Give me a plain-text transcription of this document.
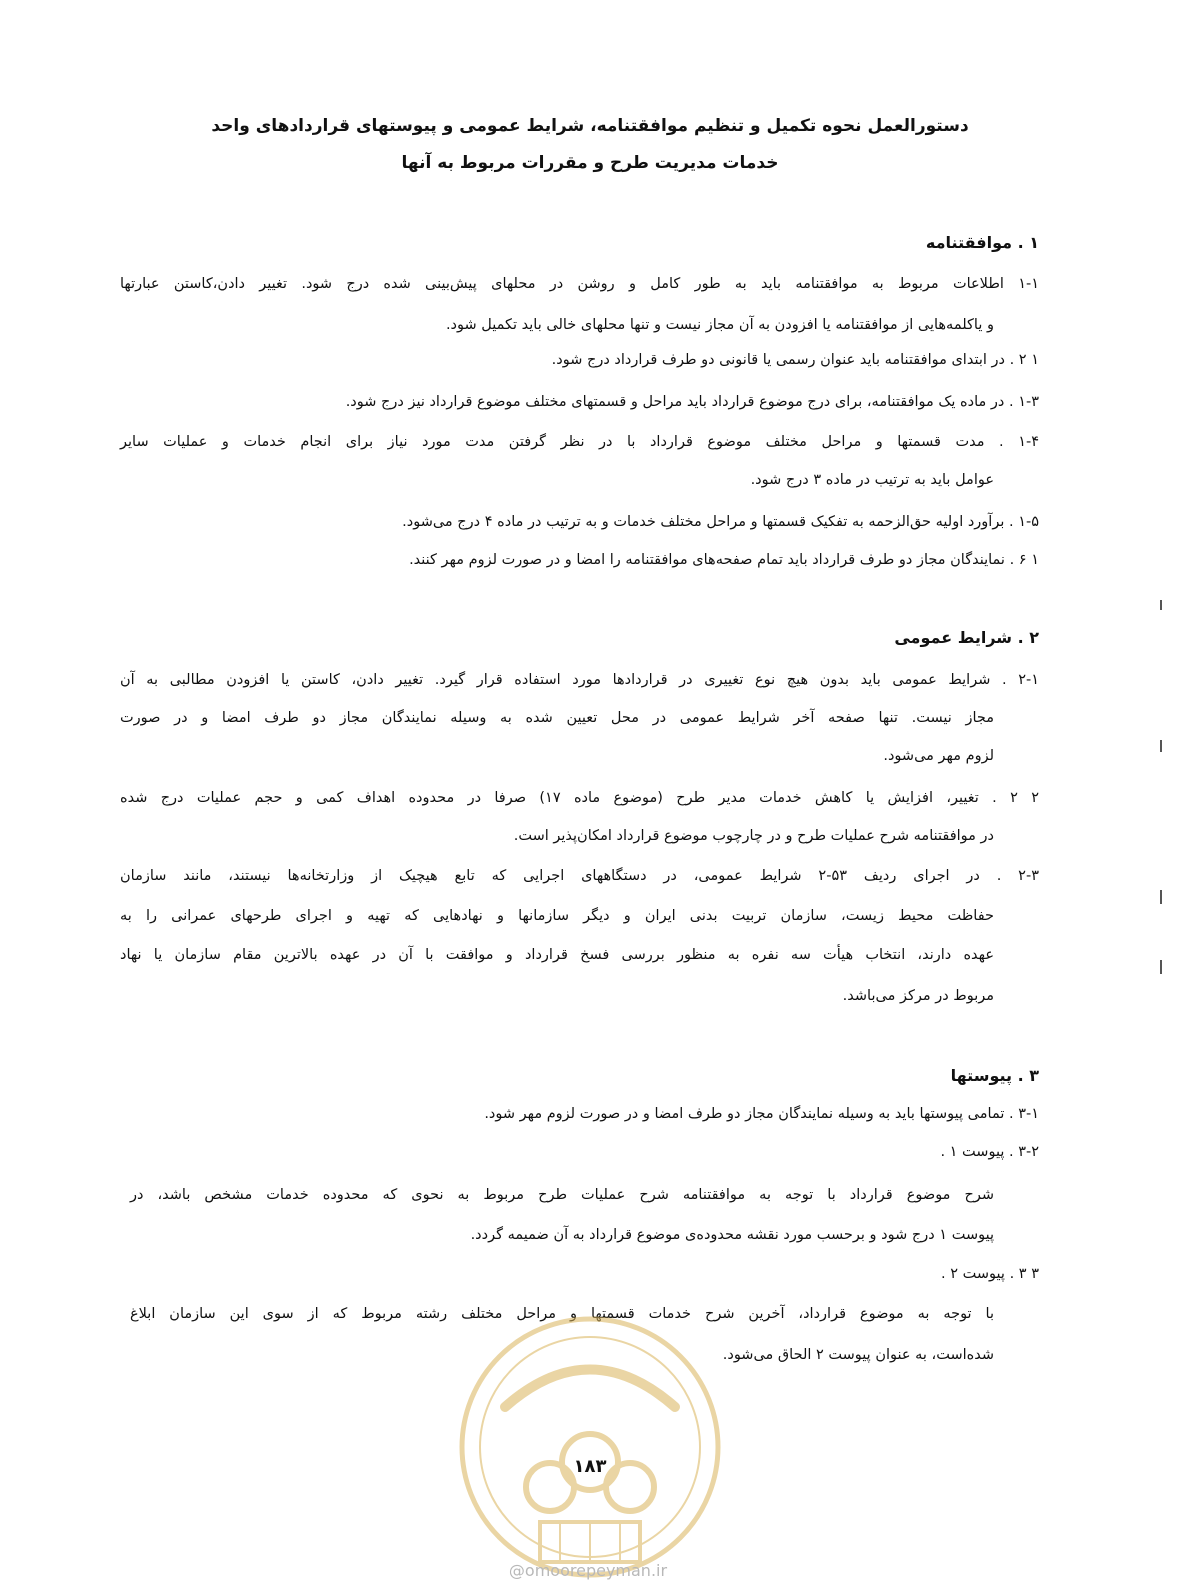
دستورالعمل نحوه تکمیل و تنظیم موافقتنامه، شرایط عمومی و پیوستهای قراردادهای واحد
خدمات مدیریت طرح و مقررات مربوط به آنها
۱ . موافقتنامه
۱-۱ اطلاعات مربوط به موافقتنامه باید به طور کامل و روشن در محلهای پیش‌بینی شده درج شود. تغییر دادن،کاستن عبارتها
و یاکلمه‌هایی از موافقتنامه یا افزودن به آن مجاز نیست و تنها محلهای خالی باید تکمیل شود.
۱ ۲ . در ابتدای موافقتنامه باید عنوان رسمی یا قانونی دو طرف قرارداد درج شود.
۱-۳ . در ماده یک موافقتنامه، برای درج موضوع قرارداد باید مراحل و قسمتهای مختلف موضوع قرارداد نیز درج شود.
۱-۴ . مدت قسمتها و مراحل مختلف موضوع قرارداد با در نظر گرفتن مدت مورد نیاز برای انجام خدمات و عملیات سایر
عوامل باید به ترتیب در ماده ۳ درج شود.
۱-۵ . برآورد اولیه حق‌الزحمه به تفکیک قسمتها و مراحل مختلف خدمات و به ترتیب در ماده ۴ درج می‌شود.
۱ ۶ . نمایندگان مجاز دو طرف قرارداد باید تمام صفحه‌های موافقتنامه را امضا و در صورت لزوم مهر کنند.
۲ . شرایط عمومی
۲-۱ . شرایط عمومی باید بدون هیچ نوع تغییری در قراردادها مورد استفاده قرار گیرد. تغییر دادن، کاستن یا افزودن مطالبی به آن
مجاز نیست. تنها صفحه آخر شرایط عمومی در محل تعیین شده به وسیله نمایندگان مجاز دو طرف امضا و در صورت
لزوم مهر می‌شود.
۲ ۲ . تغییر، افزایش یا کاهش خدمات مدیر طرح (موضوع ماده ۱۷) صرفا در محدوده اهداف کمی و حجم عملیات درج شده
در موافقتنامه شرح عملیات طرح و در چارچوب موضوع قرارداد امکان‌پذیر است.
۲-۳ . در اجرای ردیف ۵۳-۲ شرایط عمومی، در دستگاههای اجرایی که تابع هیچیک از وزارتخانه‌ها نیستند، مانند سازمان
حفاظت محیط زیست، سازمان تربیت بدنی ایران و دیگر سازمانها و نهادهایی که تهیه و اجرای طرحهای عمرانی را به
عهده دارند، انتخاب هیأت سه نفره به منظور بررسی فسخ قرارداد و موافقت با آن در عهده بالاترین مقام سازمان یا نهاد
مربوط در مرکز می‌باشد.
۳ . پیوستها
۳-۱ . تمامی پیوستها باید به وسیله نمایندگان مجاز دو طرف امضا و در صورت لزوم مهر شود.
۳-۲ . پیوست ۱ .
شرح موضوع قرارداد با توجه به موافقتنامه شرح عملیات طرح مربوط به نحوی که محدوده خدمات مشخص باشد، در
پیوست ۱ درج شود و برحسب مورد نقشه محدوده‌ی موضوع قرارداد به آن ضمیمه گردد.
۳ ۳ . پیوست ۲ .
با توجه به موضوع قرارداد، آخرین شرح خدمات قسمتها و مراحل مختلف رشته مربوط که از سوی این سازمان ابلاغ
شده‌است، به عنوان پیوست ۲ الحاق می‌شود.
۱۸۳
@omoorepeyman.ir
